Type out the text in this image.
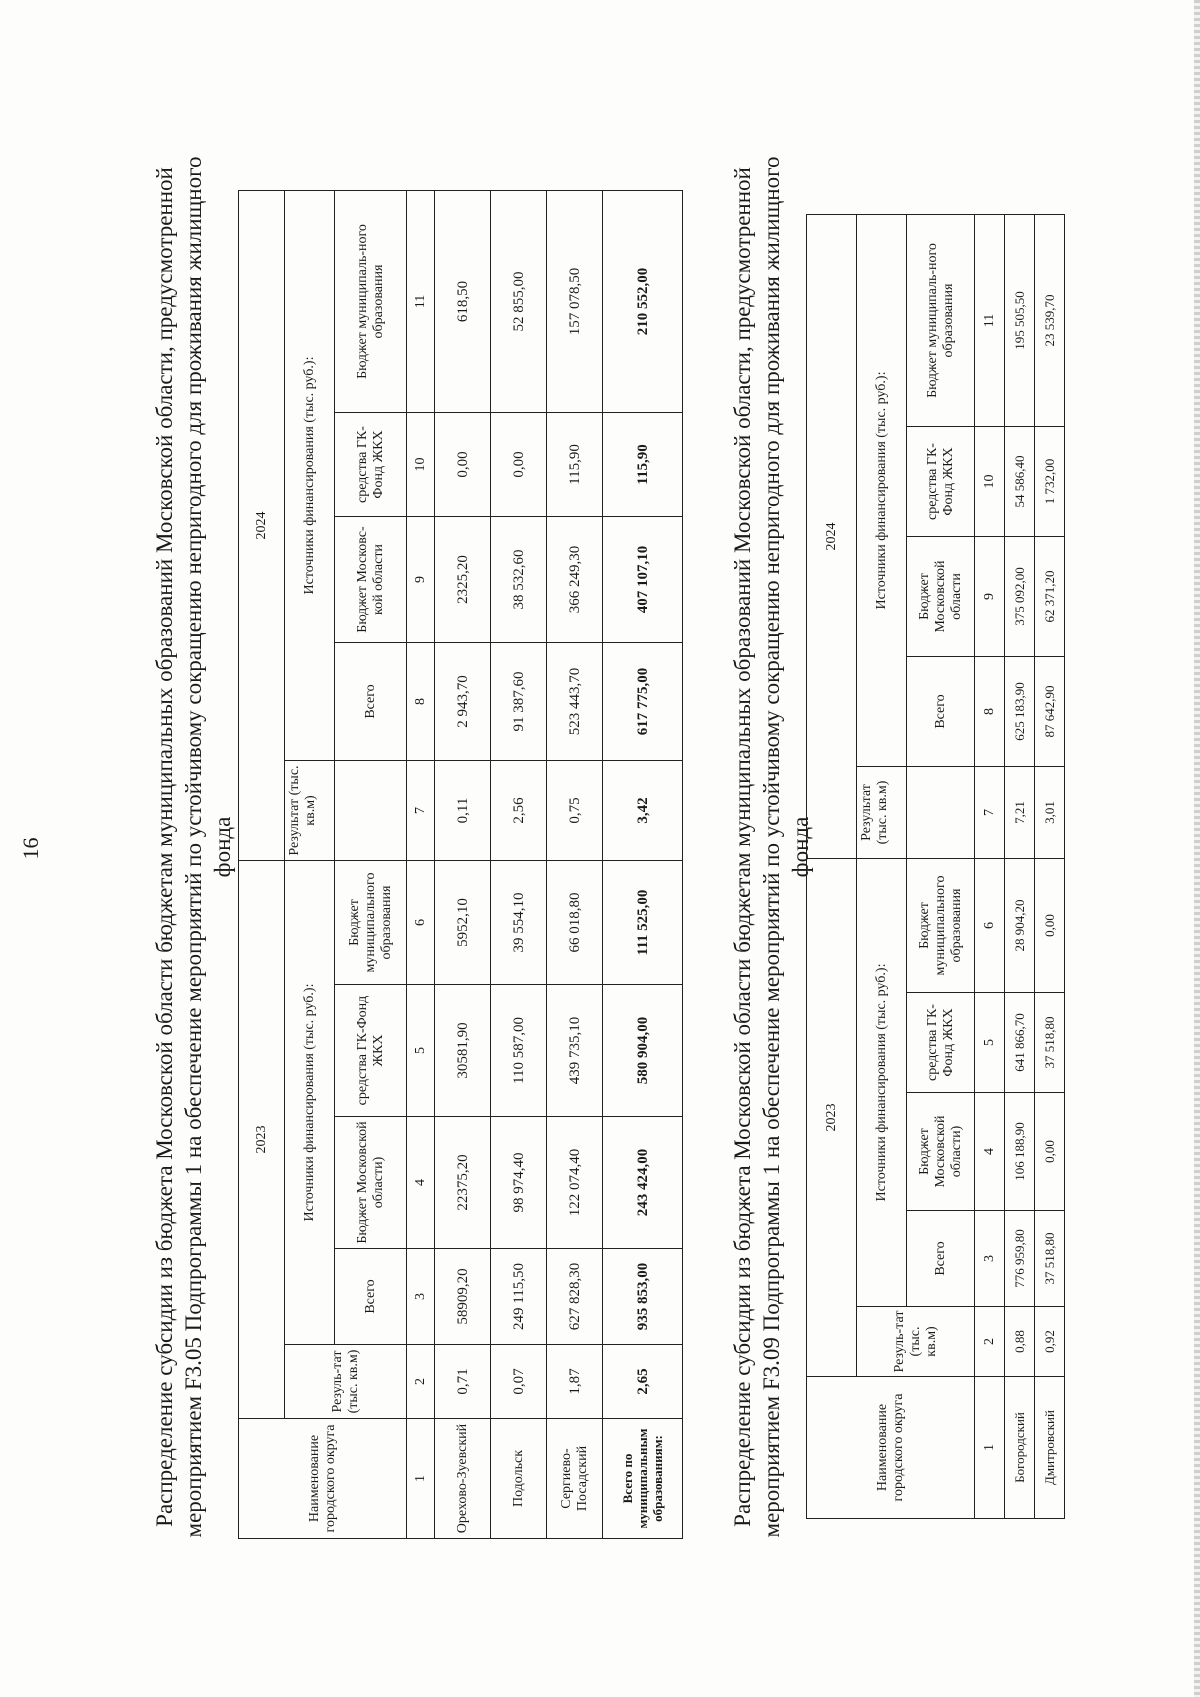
16	Распределение субсидии из бюджета Московской области бюджетам муниципальных образований Московской области, предусмотренной мероприятием F3.05 Подпрограммы 1 на обеспечение мероприятий по устойчивому сокращению непригодного для проживания жилищного фонда
Наименование городского округа	2023					2024				
	Резуль-тат (тыс. кв.м)	Источники финансирования (тыс. руб.):				Результат (тыс. кв.м)	Источники финансирования (тыс. руб.):			
		Всего	Бюджет Московской области)	средства ГК-Фонд ЖКХ	Бюджет муниципального образования		Всего	Бюджет Московс-кой области	средства ГК-Фонд ЖКХ	Бюджет муниципаль-ного образования
1	2	3	4	5	6	7	8	9	10	11
Орехово-Зуевский	0,71	58909,20	22375,20	30581,90	5952,10	0,11	2 943,70	2325,20	0,00	618,50
Подольск	0,07	249 115,50	98 974,40	110 587,00	39 554,10	2,56	91 387,60	38 532,60	0,00	52 855,00
Сергиево-Посадский	1,87	627 828,30	122 074,40	439 735,10	66 018,80	0,75	523 443,70	366 249,30	115,90	157 078,50
Всего по муниципальным образованиям:	2,65	935 853,00	243 424,00	580 904,00	111 525,00	3,42	617 775,00	407 107,10	115,90	210 552,00	Распределение субсидии из бюджета Московской области бюджетам муниципальных образований Московской области, предусмотренной мероприятием F3.09 Подпрограммы 1 на обеспечение мероприятий по устойчивому сокращению непригодного для проживания жилищного фонда
Наименование городского округа	2023					2024				
	Резуль-тат (тыс. кв.м)	Источники финансирования (тыс. руб.):				Результат (тыс. кв.м)	Источники финансирования (тыс. руб.):			
		Всего	Бюджет Московской области)	средства ГК-Фонд ЖКХ	Бюджет муниципального образования		Всего	Бюджет Московской области	средства ГК-Фонд ЖКХ	Бюджет муниципаль-ного образования
1	2	3	4	5	6	7	8	9	10	11
Богородский	0,88	776 959,80	106 188,90	641 866,70	28 904,20	7,21	625 183,90	375 092,00	54 586,40	195 505,50
Дмитровский	0,92	37 518,80	0,00	37 518,80	0,00	3,01	87 642,90	62 371,20	1 732,00	23 539,70
